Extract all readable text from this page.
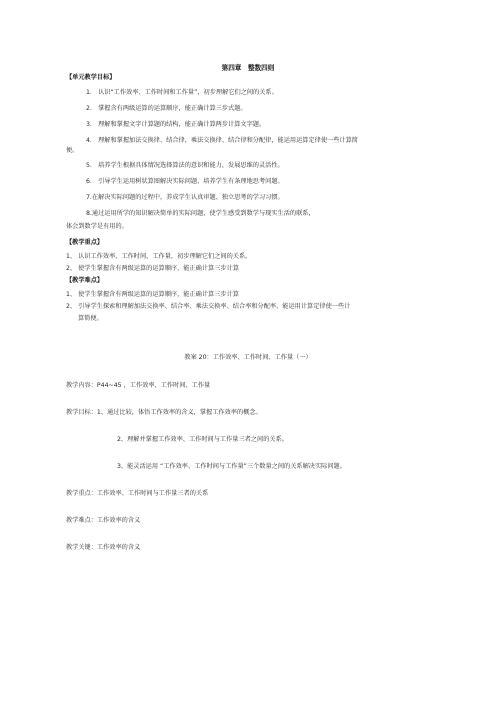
第四章　整数四则
【单元教学目标】
1． 认识“工作效率、工作时间和工作量”，初步理解它们之间的关系。
2． 掌握含有两级运算的运算顺序，能正确计算三步式题。
3． 理解和掌握文字计算题的结构，能正确计算两步计算文字题。
4． 理解和掌握加法交换律、结合律，乘法交换律、结合律和分配律，能运用运算定律使一些计算简
便。
5． 培养学生根据具体情况选择算法的意识和能力，发展思维的灵活性。
6． 引导学生运用树状算图解决实际问题，培养学生有条理地思考问题。
7.在解决实际问题的过程中，养成学生认真审题、独立思考的学习习惯。
8.通过运用所学的知识解决简单的实际问题，使学生感受到数学与现实生活的联系，
体会到数学是有用的。
【教学重点】
1、 认识工作效率、工作时间、工作量，初步理解它们之间的关系。
2、 使学生掌握含有两级运算的运算顺序，能正确计算三步计算
【教学难点】
1、 使学生掌握含有两级运算的运算顺序，能正确计算三步计算
2、 引导学生探索和理解加法交换率、结合率、乘法交换率、结合率和分配率，能运用计算定律使一些计
算简便。
教案 20：工作效率、工作时间、工作量（一）
教学内容：P44~45 ，工作效率、工作时间、工作量
教学目标：1、通过比较，体悟工作效率的含义，掌握工作效率的概念。
2、理解并掌握工作效率、工作时间与工作量三者之间的关系。
3、能灵活运用 “工作效率、工作时间与工作量”三个数量之间的关系解决实际问题。
教学重点：工作效率、工作时间与工作量三者的关系
教学难点：工作效率的含义
教学关键：工作效率的含义
